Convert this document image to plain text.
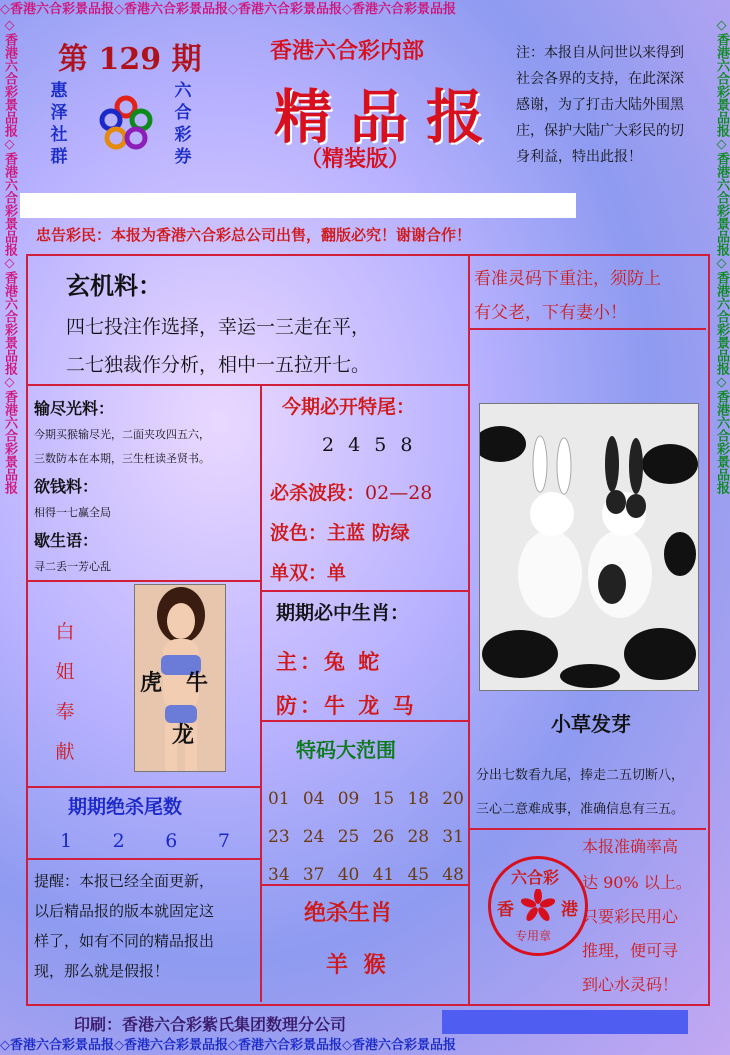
◇香港六合彩景品报◇香港六合彩景品报◇香港六合彩景品报◇香港六合彩景品报
◇香港六合彩景品报◇香港六合彩景品报◇香港六合彩景品报◇香港六合彩景品报
◇香港六合彩景品报◇香港六合彩景品报◇香港六合彩景品报◇香港六合彩景品报	◇香港六合彩景品报◇香港六合彩景品报◇香港六合彩景品报◇香港六合彩景品报
第 129 期
惠
泽
社
群
六
合
彩
券
香港六合彩内部
精品报
（精装版）
注：本报自从问世以来得到
社会各界的支持，在此深深
感谢，为了打击大陆外围黑
庄，保护大陆广大彩民的切
身利益，特出此报！
忠告彩民：本报为香港六合彩总公司出售，翻版必究！谢谢合作！
玄机料：
四七投注作选择，幸运一三走在平，
二七独裁作分析，相中一五拉开七。
看准灵码下重注，须防上
有父老，下有妻小！
输尽光料：
今期买猴输尽光，二面夹攻四五六，
三数防本在本期，三生枉读圣贤书。
欲钱料：
相得一七赢全局
歇生语：
寻二丢一芳心乱
今期必开特尾：
2 4 5 8
必杀波段：02—28
波色：主蓝 防绿
单双：单
小草发芽
分出七数看九尾，捧走二五切断八，
三心二意难成事，准确信息有三五。
白
姐
奉
献
虎 牛
龙
期期必中生肖：
主：兔 蛇
防：牛 龙 马
特码大范围
01 04 09 15 18 20
23 24 25 26 28 31
34 37 40 41 45 48
期期绝杀尾数
1 2 6 7
提醒：本报已经全面更新，
以后精品报的版本就固定这
样了，如有不同的精品报出
现，那么就是假报！
绝杀生肖
羊 猴
本报准确率高
达 90% 以上。
只要彩民用心
推理，便可寻
到心水灵码！
六合彩
香	港
专用章
印刷：香港六合彩紫氏集团数理分公司
